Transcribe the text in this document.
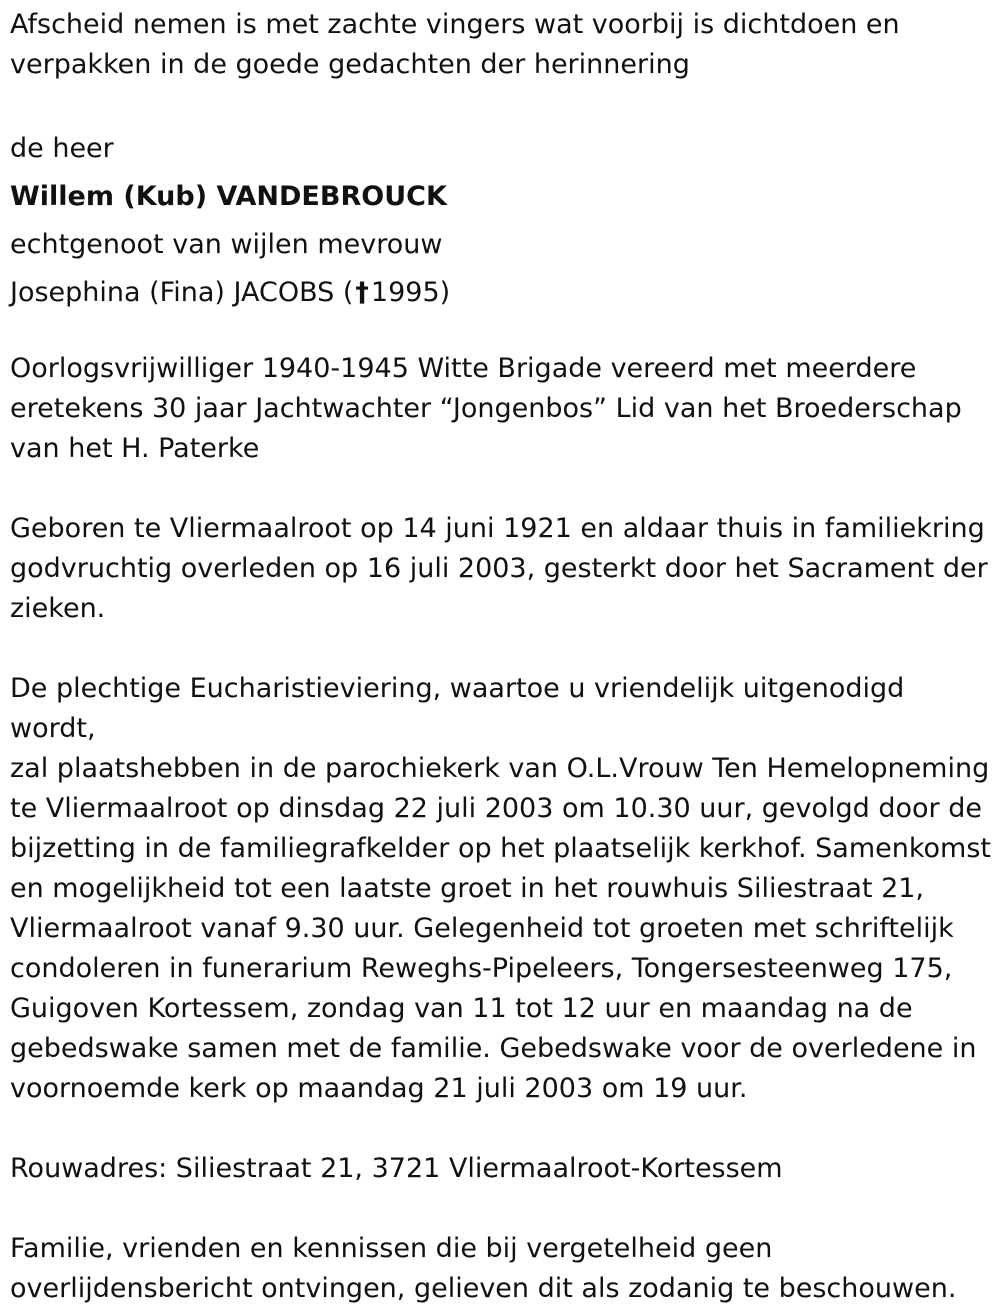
Afscheid nemen is met zachte vingers wat voorbij is dichtdoen en
verpakken in de goede gedachten der herinnering
de heer
Willem (Kub) VANDEBROUCK
echtgenoot van wijlen mevrouw
Josephina (Fina) JACOBS (†1995)
Oorlogsvrijwilliger 1940-1945 Witte Brigade vereerd met meerdere
eretekens 30 jaar Jachtwachter “Jongenbos” Lid van het Broederschap
van het H. Paterke
Geboren te Vliermaalroot op 14 juni 1921 en aldaar thuis in familiekring
godvruchtig overleden op 16 juli 2003, gesterkt door het Sacrament der
zieken.
De plechtige Eucharistieviering, waartoe u vriendelijk uitgenodigd wordt,
zal plaatshebben in de parochiekerk van O.L.Vrouw Ten Hemelopneming
te Vliermaalroot op dinsdag 22 juli 2003 om 10.30 uur, gevolgd door de
bijzetting in de familiegrafkelder op het plaatselijk kerkhof. Samenkomst
en mogelijkheid tot een laatste groet in het rouwhuis Siliestraat 21,
Vliermaalroot vanaf 9.30 uur. Gelegenheid tot groeten met schriftelijk
condoleren in funerarium Reweghs-Pipeleers, Tongersesteenweg 175,
Guigoven Kortessem, zondag van 11 tot 12 uur en maandag na de
gebedswake samen met de familie. Gebedswake voor de overledene in
voornoemde kerk op maandag 21 juli 2003 om 19 uur.
Rouwadres: Siliestraat 21, 3721 Vliermaalroot-Kortessem
Familie, vrienden en kennissen die bij vergetelheid geen
overlijdensbericht ontvingen, gelieven dit als zodanig te beschouwen.
